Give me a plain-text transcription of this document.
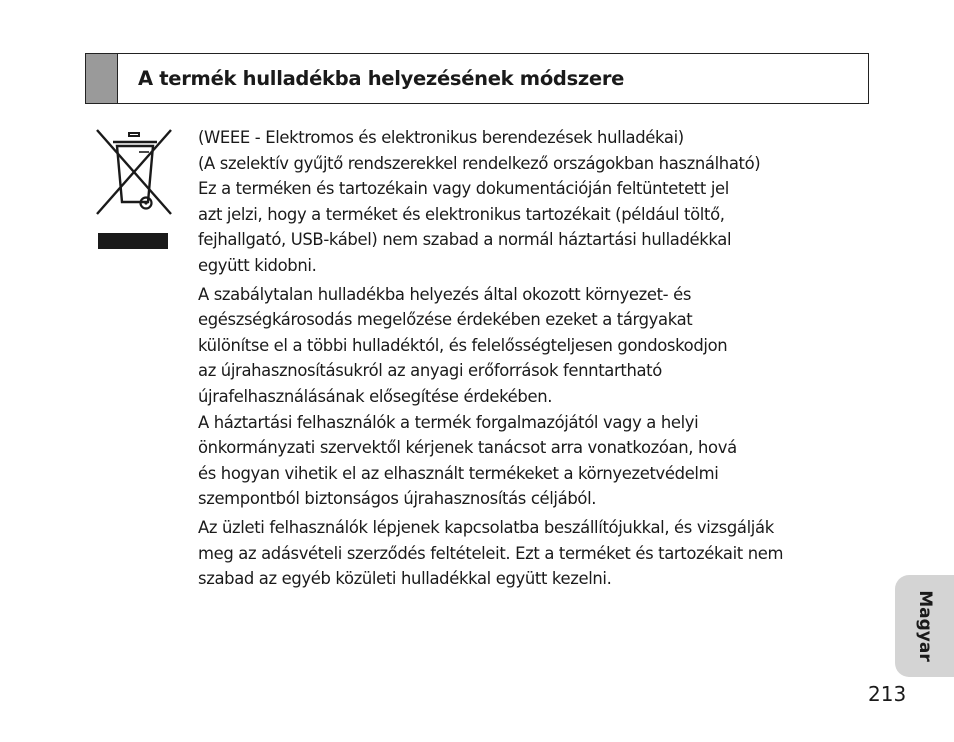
A termék hulladékba helyezésének módszere

(WEEE - Elektromos és elektronikus berendezések hulladékai)

(A szelektív gyűjtő rendszerekkel rendelkező országokban használható)
Ez a terméken és tartozékain vagy dokumentációján feltüntetett jel
azt jelzi, hogy a terméket és elektronikus tartozékait (például töltő,
fejhallgató, USB-kábel) nem szabad a normál háztartási hulladékkal
együtt kidobni.

A szabálytalan hulladékba helyezés által okozott környezet- és
egészségkárosodás megelőzése érdekében ezeket a tárgyakat
különítse el a többi hulladéktól, és felelősségteljesen gondoskodjon
az újrahasznosításukról az anyagi erőforrások fenntartható
újrafelhasználásának elősegítése érdekében.

A háztartási felhasználók a termék forgalmazójától vagy a helyi
önkormányzati szervektől kérjenek tanácsot arra vonatkozóan, hová
és hogyan vihetik el az elhasznált termékeket a környezetvédelmi
szempontból biztonságos újrahasznosítás céljából.

Az üzleti felhasználók lépjenek kapcsolatba beszállítójukkal, és vizsgálják
meg az adásvételi szerződés feltételeit. Ezt a terméket és tartozékait nem
szabad az egyéb közületi hulladékkal együtt kezelni.

Magyar
213
